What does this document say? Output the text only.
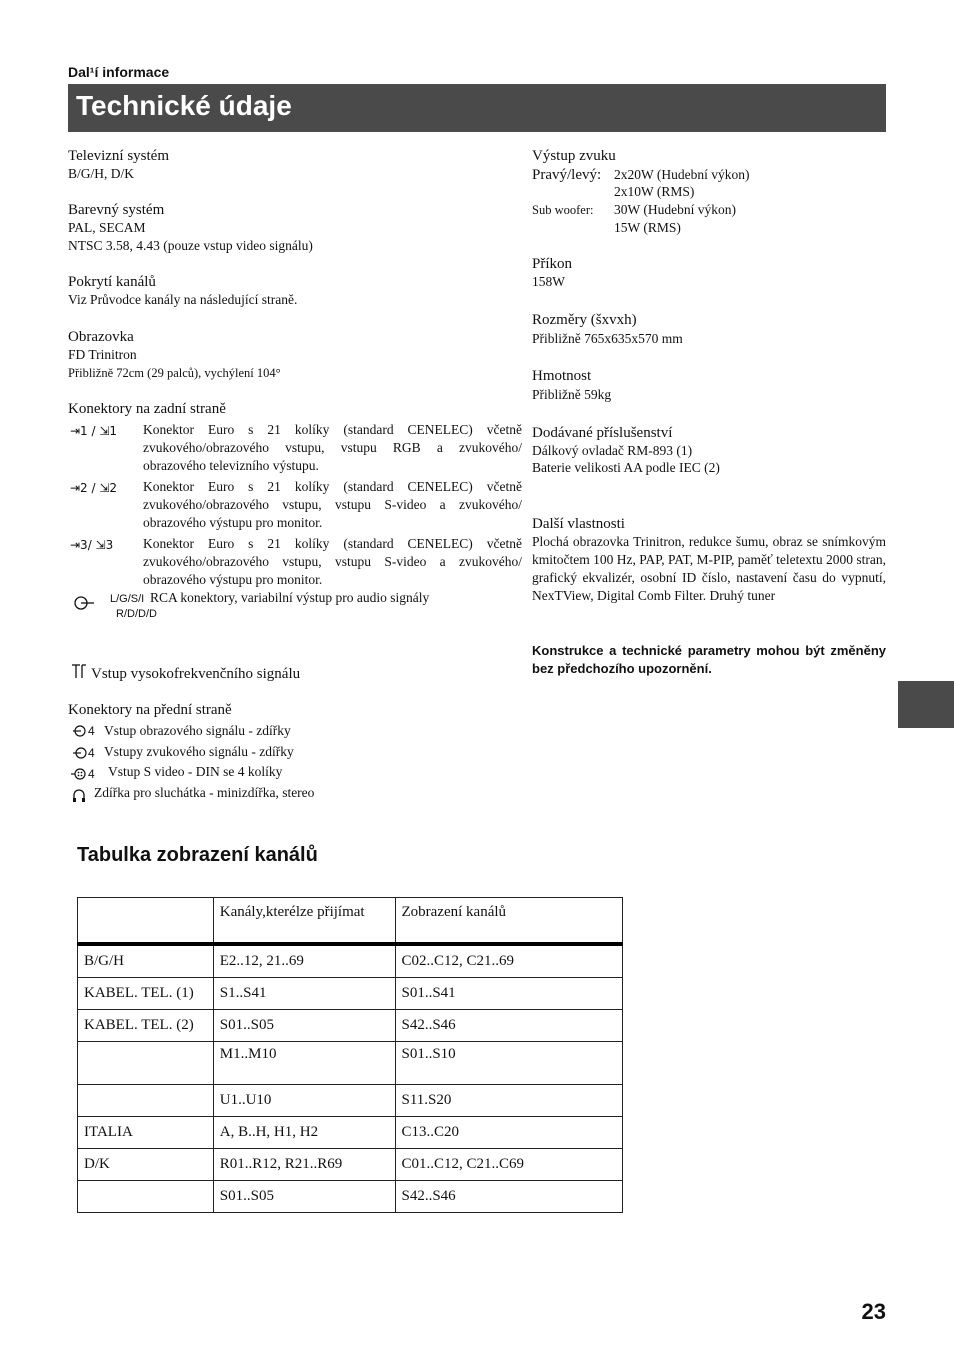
Dal¹í informace
Technické údaje
Televizní systém
B/G/H, D/K
Barevný systém
PAL, SECAM
NTSC 3.58, 4.43 (pouze vstup video signálu)
Pokrytí kanálů
Viz Průvodce kanály na následující straně.
Obrazovka
FD Trinitron
Přibližně 72cm (29 palců), vychýlení 104°
Konektory na zadní straně
⇥1 / ⇲1 Konektor Euro s 21 kolíky (standard CENELEC) včetně zvukového/obrazového vstupu, vstupu RGB a zvukového/ obrazového televizního výstupu.
⇥2 / ⇲2 Konektor Euro s 21 kolíky (standard CENELEC) včetně zvukového/obrazového vstupu, vstupu S-video a zvukového/ obrazového výstupu pro monitor.
⇥3/ ⇲3 Konektor Euro s 21 kolíky (standard CENELEC) včetně zvukového/obrazového vstupu, vstupu S-video a zvukového/ obrazového výstupu pro monitor.
L/G/S/I RCA konektory, variabilní výstup pro audio signály
R/D/D/D
Vstup vysokofrekvenčního signálu
Konektory na přední straně
4 Vstup obrazového signálu - zdířky
4 Vstupy zvukového signálu - zdířky
4 Vstup S video - DIN se 4 kolíky
Zdířka pro sluchátka - minizdířka, stereo
Výstup zvuku
Pravý/levý: 2x20W (Hudební výkon)
2x10W (RMS)
Sub woofer: 30W (Hudební výkon)
15W (RMS)
Příkon
158W
Rozměry (šxvxh)
Přibližně 765x635x570 mm
Hmotnost
Přibližně 59kg
Dodávané příslušenství
Dálkový ovladač RM-893 (1)
Baterie velikosti AA podle IEC (2)
Další vlastnosti
Plochá obrazovka Trinitron, redukce šumu, obraz se snímkovým kmitočtem 100 Hz, PAP, PAT, M-PIP, paměť teletextu 2000 stran, grafický ekvalizér, osobní ID číslo, nastavení času do vypnutí, NexTView, Digital Comb Filter. Druhý tuner
Konstrukce a technické parametry mohou být změněny bez předchozího upozornění.
Tabulka zobrazení kanálů
	Kanály,kterélze přijímat	Zobrazení kanálů
B/G/H	E2..12, 21..69	C02..C12, C21..69
KABEL. TEL. (1)	S1..S41	S01..S41
KABEL. TEL. (2)	S01..S05	S42..S46
	M1..M10	S01..S10
	U1..U10	S11.S20
ITALIA	A, B..H, H1, H2	C13..C20
D/K	R01..R12, R21..R69	C01..C12, C21..C69
	S01..S05	S42..S46
23
